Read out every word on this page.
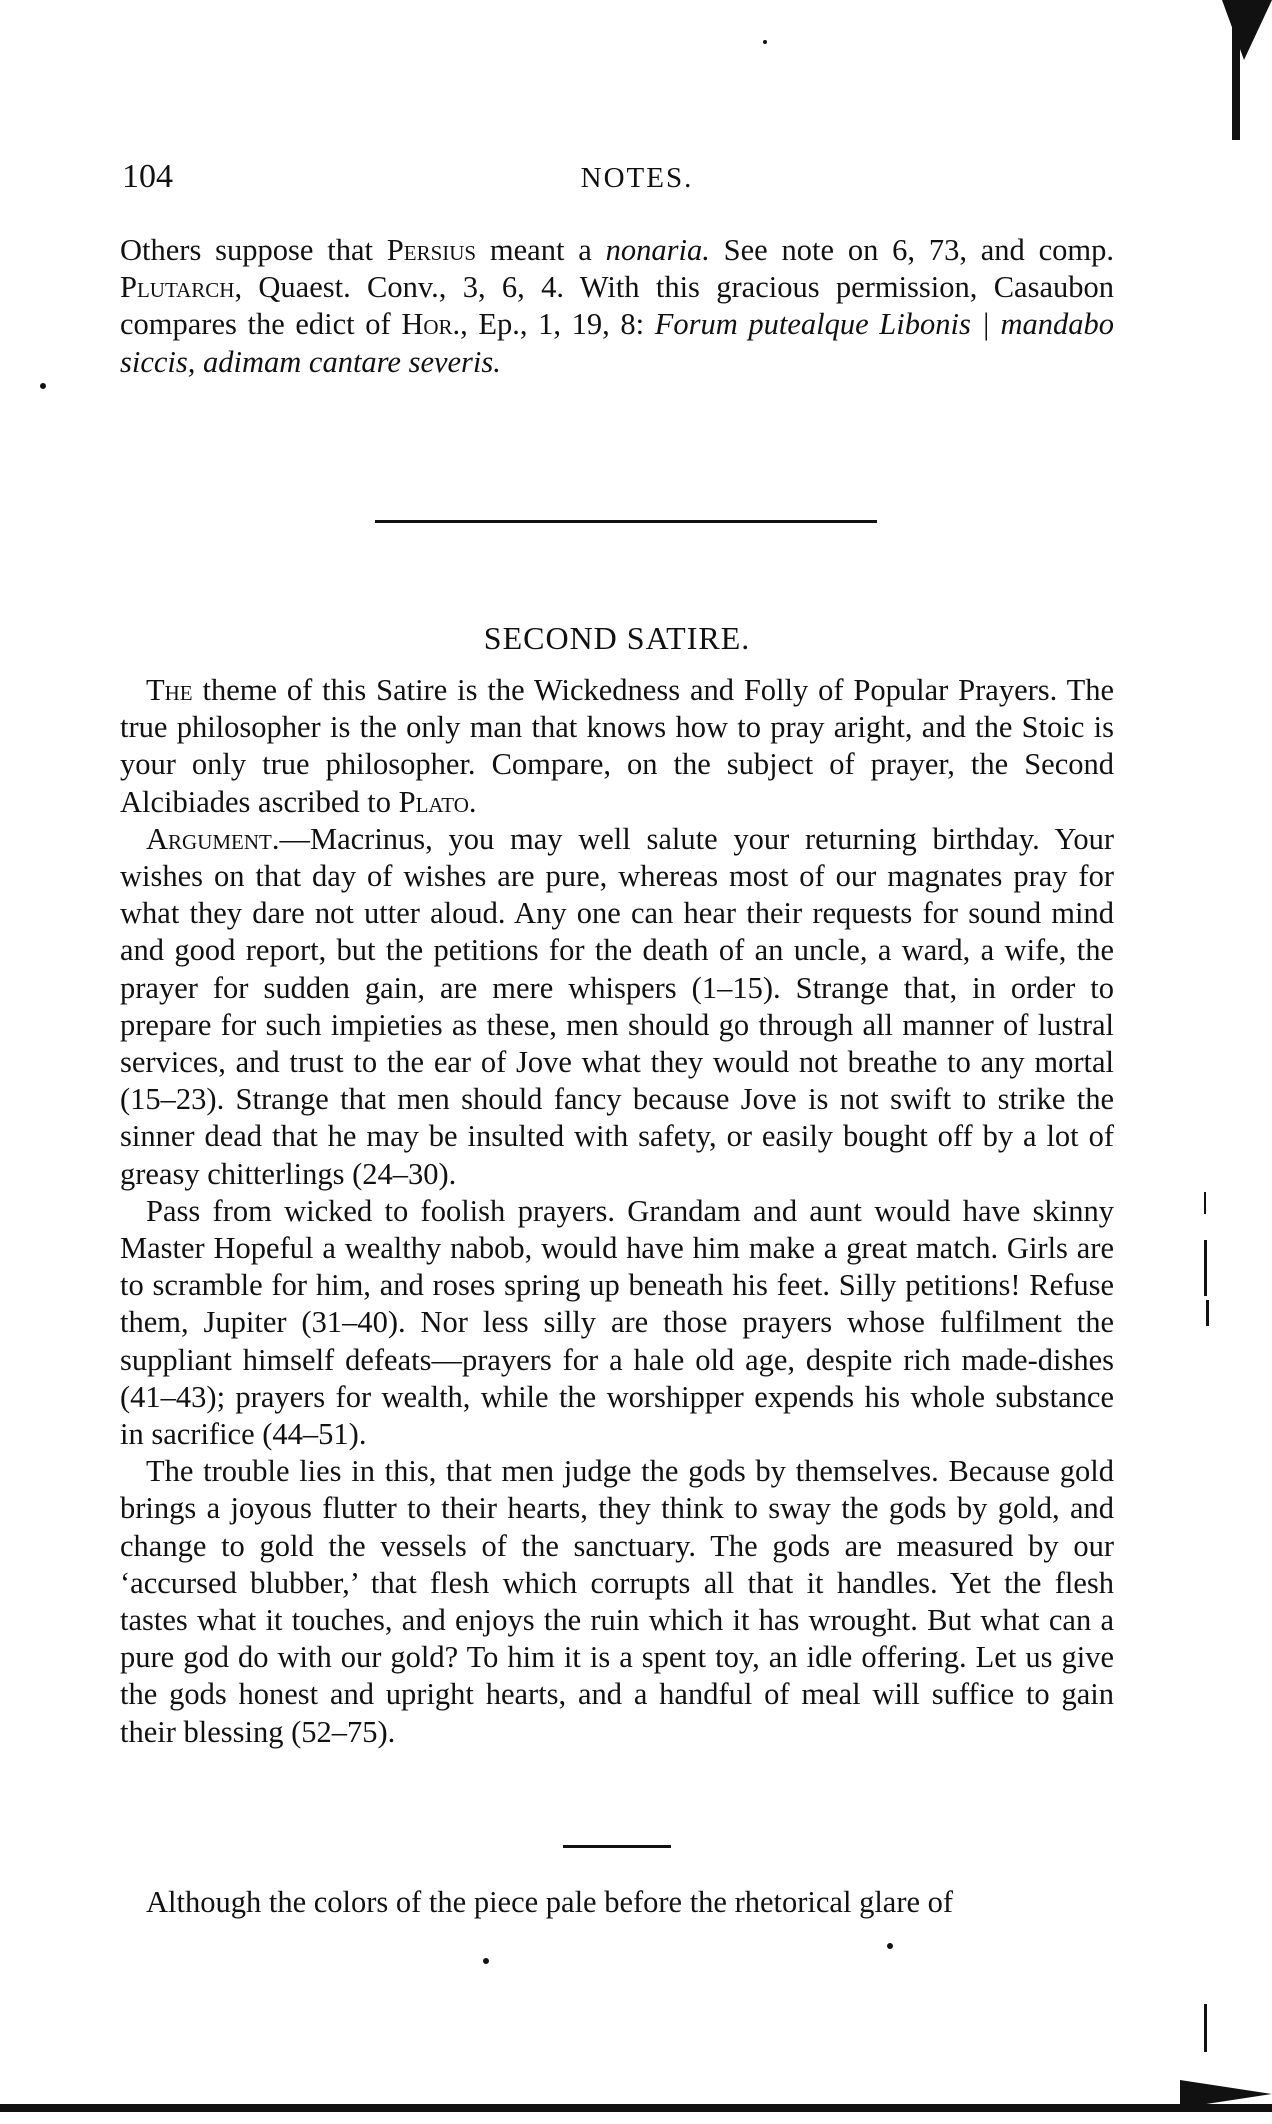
104	NOTES.

Others suppose that Persius meant a nonaria. See note on 6, 73, and comp. Plutarch, Quaest. Conv., 3, 6, 4. With this gracious permission, Casaubon compares the edict of Hor., Ep., 1, 19, 8: Forum putealque Libonis | mandabo siccis, adimam cantare severis.

SECOND SATIRE.

The theme of this Satire is the Wickedness and Folly of Popular Prayers. The true philosopher is the only man that knows how to pray aright, and the Stoic is your only true philosopher. Compare, on the subject of prayer, the Second Alcibiades ascribed to Plato.

Argument.—Macrinus, you may well salute your returning birthday. Your wishes on that day of wishes are pure, whereas most of our magnates pray for what they dare not utter aloud. Any one can hear their requests for sound mind and good report, but the petitions for the death of an uncle, a ward, a wife, the prayer for sudden gain, are mere whispers (1–15). Strange that, in order to prepare for such impieties as these, men should go through all manner of lustral services, and trust to the ear of Jove what they would not breathe to any mortal (15–23). Strange that men should fancy because Jove is not swift to strike the sinner dead that he may be insulted with safety, or easily bought off by a lot of greasy chitterlings (24–30).

Pass from wicked to foolish prayers. Grandam and aunt would have skinny Master Hopeful a wealthy nabob, would have him make a great match. Girls are to scramble for him, and roses spring up beneath his feet. Silly petitions! Refuse them, Jupiter (31–40). Nor less silly are those prayers whose fulfilment the suppliant himself defeats—prayers for a hale old age, despite rich made-dishes (41–43); prayers for wealth, while the worshipper expends his whole substance in sacrifice (44–51).

The trouble lies in this, that men judge the gods by themselves. Because gold brings a joyous flutter to their hearts, they think to sway the gods by gold, and change to gold the vessels of the sanctuary. The gods are measured by our ‘accursed blubber,’ that flesh which corrupts all that it handles. Yet the flesh tastes what it touches, and enjoys the ruin which it has wrought. But what can a pure god do with our gold? To him it is a spent toy, an idle offering. Let us give the gods honest and upright hearts, and a handful of meal will suffice to gain their blessing (52–75).

Although the colors of the piece pale before the rhetorical glare of
